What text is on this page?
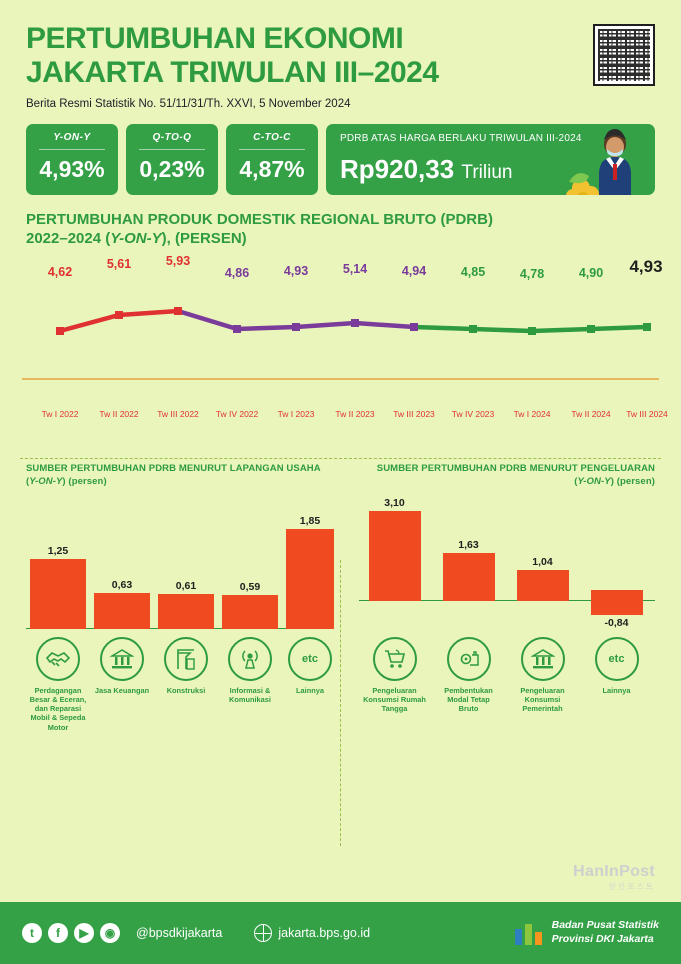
PERTUMBUHAN EKONOMI
JAKARTA TRIWULAN III–2024
Berita Resmi Statistik No. 51/11/31/Th. XXVI, 5 November 2024
Y-ON-Y
4,93%
Q-TO-Q
0,23%
C-TO-C
4,87%
PDRB ATAS HARGA BERLAKU TRIWULAN III-2024
Rp920,33 Triliun
PERTUMBUHAN PRODUK DOMESTIK REGIONAL BRUTO (PDRB)
2022–2024 (Y-ON-Y), (PERSEN)
4,62
5,61	5,93
4,86	4,93	5,14	4,94	4,85	4,78	4,90 4,93
Tw I 2022 Tw II 2022 Tw III 2022 Tw IV 2022 Tw I 2023 Tw II 2023 Tw III 2023 Tw IV 2023 Tw I 2024 Tw II 2024 Tw III 2024
SUMBER PERTUMBUHAN PDRB MENURUT LAPANGAN USAHA
(Y-ON-Y) (persen)
1,25
0,63	0,61	0,59
1,85
Perdagangan Besar & Eceran, dan Reparasi Mobil & Sepeda Motor
Jasa Keuangan	Konstruksi	Informasi & Komunikasi
etc
Lainnya
SUMBER PERTUMBUHAN PDRB MENURUT PENGELUARAN
(Y-ON-Y) (persen)
3,10
1,63
1,04
-0,84
Pengeluaran Konsumsi Rumah Tangga
Pembentukan Modal Tetap Bruto
Pengeluaran Konsumsi Pemerintah
etc
Lainnya
HanInPost
한인포스트
t	f	▶	◉	@bpsdkijakarta	jakarta.bps.go.id
Badan Pusat Statistik
Provinsi DKI Jakarta
